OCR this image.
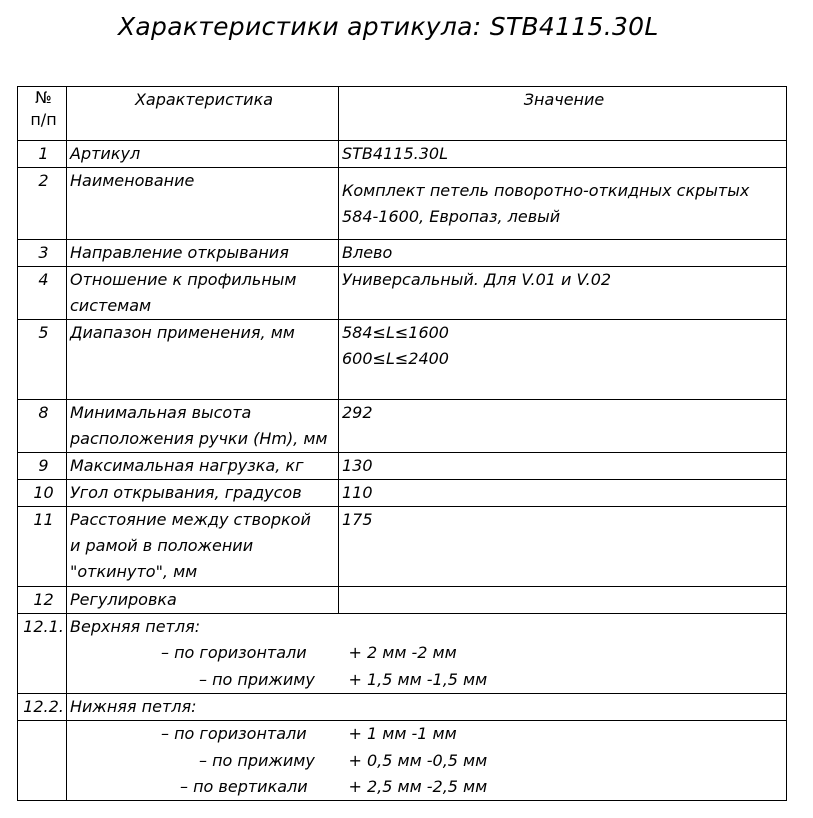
Характеристики артикула: STB4115.30L
№
п/п	Характеристика	Значение
1	Артикул	STB4115.30L
2	Наименование	Комплект петель поворотно-откидных скрытых
584-1600, Европаз, левый

3	Направление открывания	Влево
4	Отношение к профильным
системам	Универсальный. Для V.01 и V.02
5	Диапазон применения, мм	584≤L≤1600
600≤L≤2400

8	Минимальная высота
расположения ручки (Нm), мм	292
9	Максимальная нагрузка, кг	130
10	Угол открывания, градусов	110
11	Расстояние между створкой
и рамой в положении
"откинуто", мм	175
12	Регулировка	
12.1.	Верхняя петля:	

	– по горизонтали	+ 2 мм -2 мм

	– по прижиму	+ 1,5 мм -1,5 мм
12.2.	Нижняя петля:	

	– по горизонтали	+ 1 мм -1 мм

	– по прижиму	+ 0,5 мм -0,5 мм

	– по вертикали	+ 2,5 мм -2,5 мм
